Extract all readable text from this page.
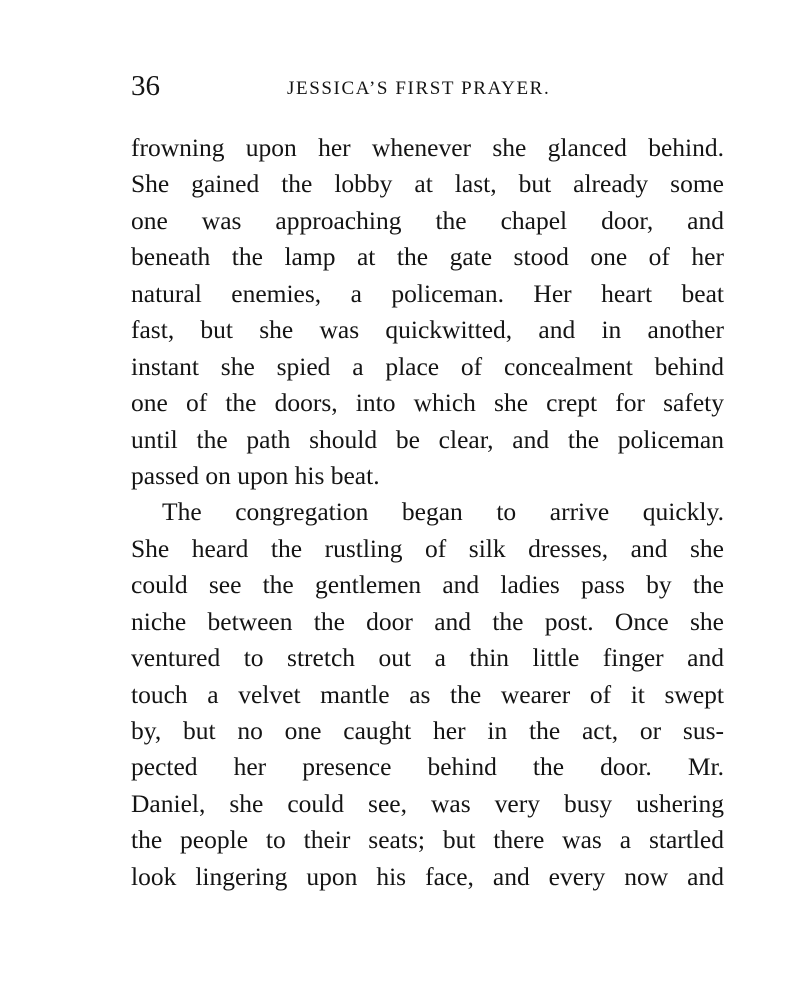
36	JESSICA’S FIRST PRAYER.
frowning upon her whenever she glanced behind.
She gained the lobby at last, but already some
one was approaching the chapel door, and
beneath the lamp at the gate stood one of her
natural enemies, a policeman. Her heart beat
fast, but she was quickwitted, and in another
instant she spied a place of concealment behind
one of the doors, into which she crept for safety
until the path should be clear, and the policeman
passed on upon his beat.
The congregation began to arrive quickly.
She heard the rustling of silk dresses, and she
could see the gentlemen and ladies pass by the
niche between the door and the post. Once she
ventured to stretch out a thin little finger and
touch a velvet mantle as the wearer of it swept
by, but no one caught her in the act, or sus-
pected her presence behind the door. Mr.
Daniel, she could see, was very busy ushering
the people to their seats; but there was a startled
look lingering upon his face, and every now and
